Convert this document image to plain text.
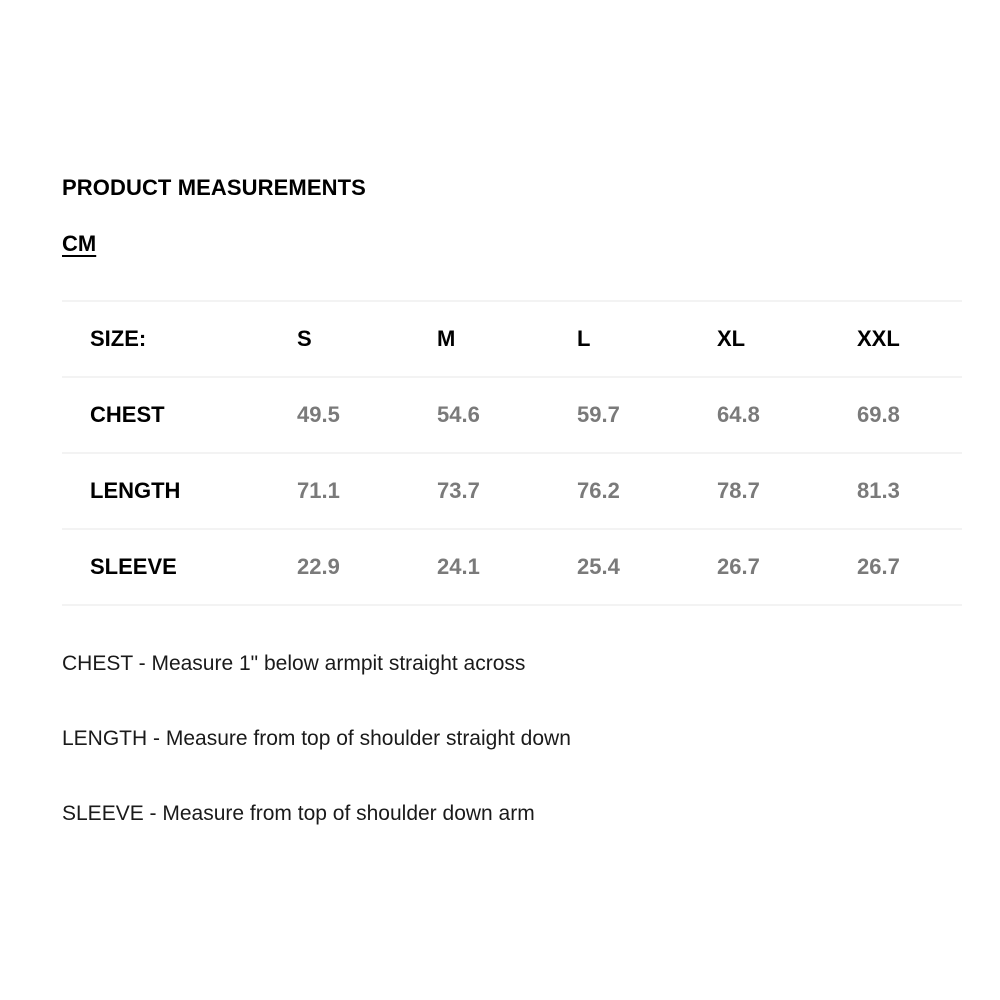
PRODUCT MEASUREMENTS
CM
SIZE:	S	M	L	XL	XXL
CHEST	49.5	54.6	59.7	64.8	69.8
LENGTH	71.1	73.7	76.2	78.7	81.3
SLEEVE	22.9	24.1	25.4	26.7	26.7
CHEST - Measure 1" below armpit straight across
LENGTH - Measure from top of shoulder straight down
SLEEVE - Measure from top of shoulder down arm
